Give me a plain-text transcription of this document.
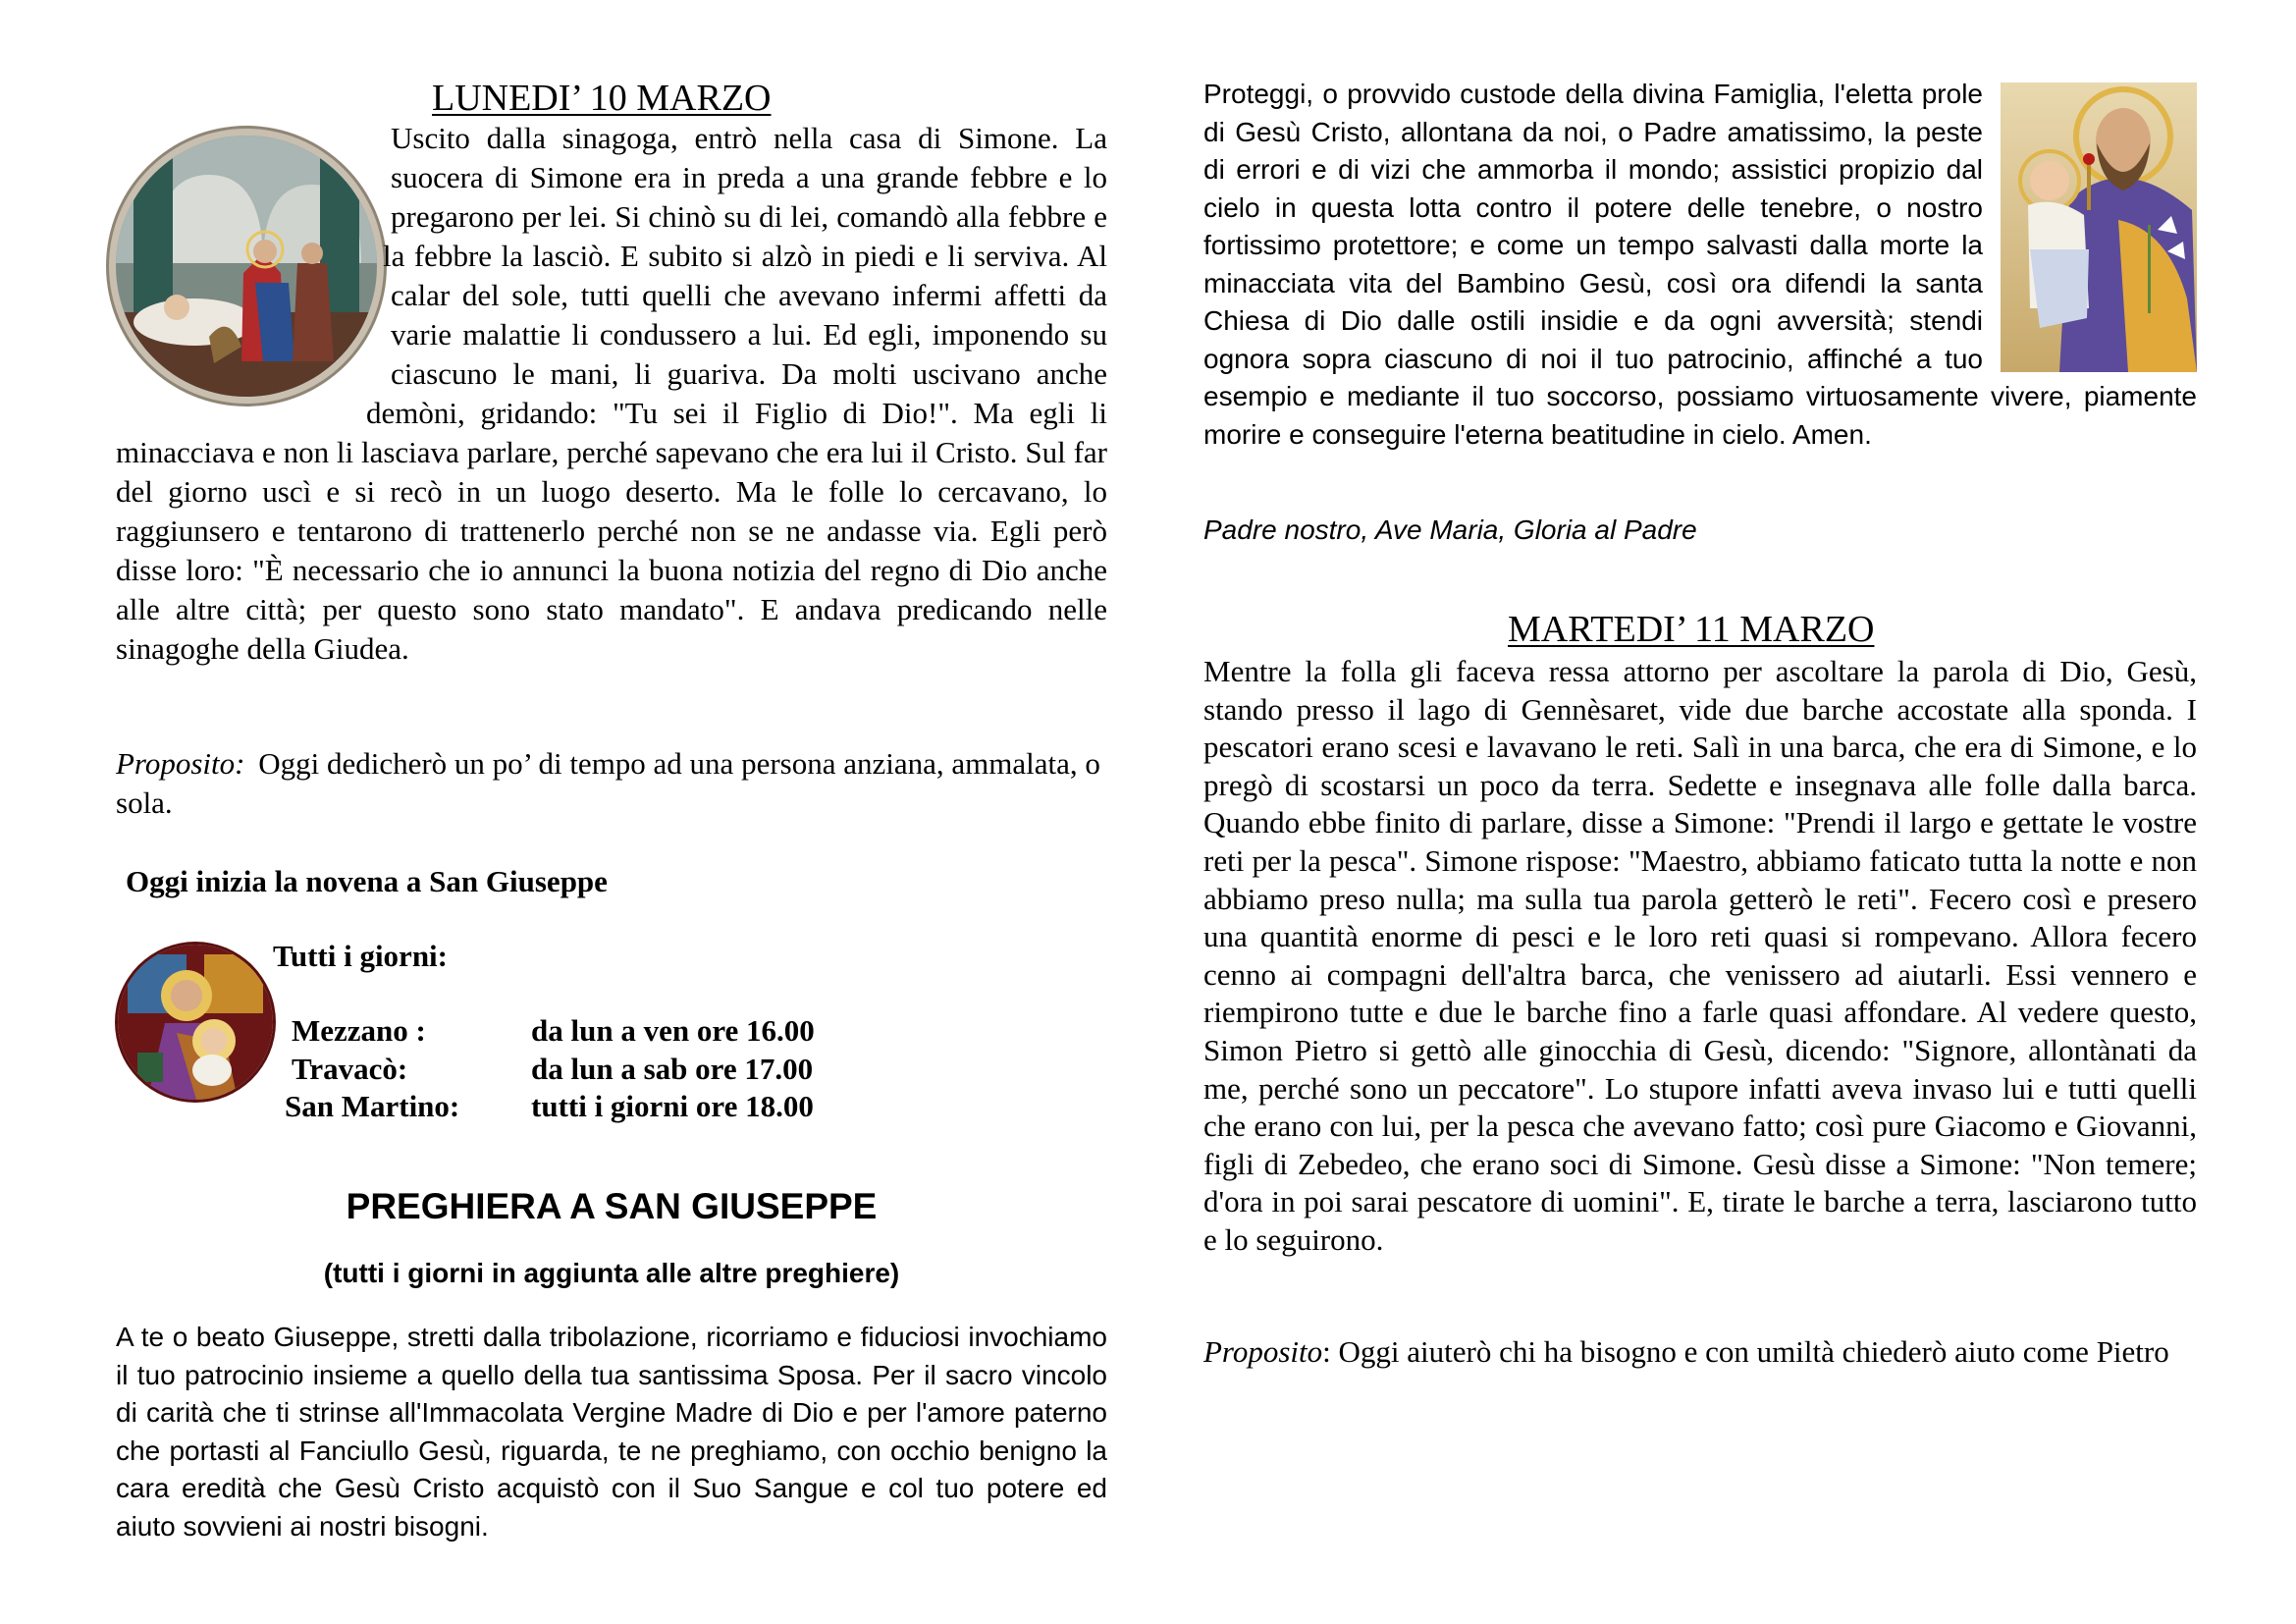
LUNEDI’ 10 MARZO

Uscito dalla sinagoga, entrò nella casa di Simone. La suocera di Simone era in preda a una grande febbre e lo pregarono per lei. Si chinò su di lei, comandò alla febbre e la febbre la lasciò. E subito si alzò in piedi e li serviva. Al calar del sole, tutti quelli che avevano infermi affetti da varie malattie li condussero a lui. Ed egli, imponendo su ciascuno le mani, li guariva. Da molti uscivano anche demòni, gridando: "Tu sei il Figlio di Dio!". Ma egli li minacciava e non li lasciava parlare, perché sapevano che era lui il Cristo. Sul far del giorno uscì e si recò in un luogo deserto. Ma le folle lo cercavano, lo raggiunsero e tentarono di trattenerlo perché non se ne andasse via. Egli però disse loro: "È necessario che io annunci la buona notizia del regno di Dio anche alle altre città; per questo sono stato mandato". E andava predicando nelle sinagoghe della Giudea.

Proposito: Oggi dedicherò un po’ di tempo ad una persona anziana, ammalata, o sola.

Oggi inizia la novena a San Giuseppe
Tutti i giorni:
Mezzano :	da lun a ven ore 16.00
Travacò:	da lun a sab ore 17.00
San Martino:	tutti i giorni ore 18.00
PREGHIERA A SAN GIUSEPPE
(tutti i giorni in aggiunta alle altre preghiere)

A te o beato Giuseppe, stretti dalla tribolazione, ricorriamo e fiduciosi invochiamo il tuo patrocinio insieme a quello della tua santissima Sposa. Per il sacro vincolo di carità che ti strinse all'Immacolata Vergine Madre di Dio e per l'amore paterno che portasti al Fanciullo Gesù, riguarda, te ne preghiamo, con occhio benigno la cara eredità che Gesù Cristo acquistò con il Suo Sangue e col tuo potere ed aiuto sovvieni ai nostri bisogni.

Proteggi, o provvido custode della divina Famiglia, l'eletta prole di Gesù Cristo, allontana da noi, o Padre amatissimo, la peste di errori e di vizi che ammorba il mondo; assistici propizio dal cielo in questa lotta contro il potere delle tenebre, o nostro fortissimo protettore; e come un tempo salvasti dalla morte la minacciata vita del Bambino Gesù, così ora difendi la santa Chiesa di Dio dalle ostili insidie e da ogni avversità; stendi ognora sopra ciascuno di noi il tuo patrocinio, affinché a tuo esempio e mediante il tuo soccorso, possiamo virtuosamente vivere, piamente morire e conseguire l'eterna beatitudine in cielo. Amen.

Padre nostro, Ave Maria, Gloria al Padre
MARTEDI’ 11 MARZO

Mentre la folla gli faceva ressa attorno per ascoltare la parola di Dio, Gesù, stando presso il lago di Gennèsaret, vide due barche accostate alla sponda. I pescatori erano scesi e lavavano le reti. Salì in una barca, che era di Simone, e lo pregò di scostarsi un poco da terra. Sedette e insegnava alle folle dalla barca. Quando ebbe finito di parlare, disse a Simone: "Prendi il largo e gettate le vostre reti per la pesca". Simone rispose: "Maestro, abbiamo faticato tutta la notte e non abbiamo preso nulla; ma sulla tua parola getterò le reti". Fecero così e presero una quantità enorme di pesci e le loro reti quasi si rompevano. Allora fecero cenno ai compagni dell'altra barca, che venissero ad aiutarli. Essi vennero e riempirono tutte e due le barche fino a farle quasi affondare. Al vedere questo, Simon Pietro si gettò alle ginocchia di Gesù, dicendo: "Signore, allontànati da me, perché sono un peccatore". Lo stupore infatti aveva invaso lui e tutti quelli che erano con lui, per la pesca che avevano fatto; così pure Giacomo e Giovanni, figli di Zebedeo, che erano soci di Simone. Gesù disse a Simone: "Non temere; d'ora in poi sarai pescatore di uomini". E, tirate le barche a terra, lasciarono tutto e lo seguirono.

Proposito: Oggi aiuterò chi ha bisogno e con umiltà chiederò aiuto come Pietro
